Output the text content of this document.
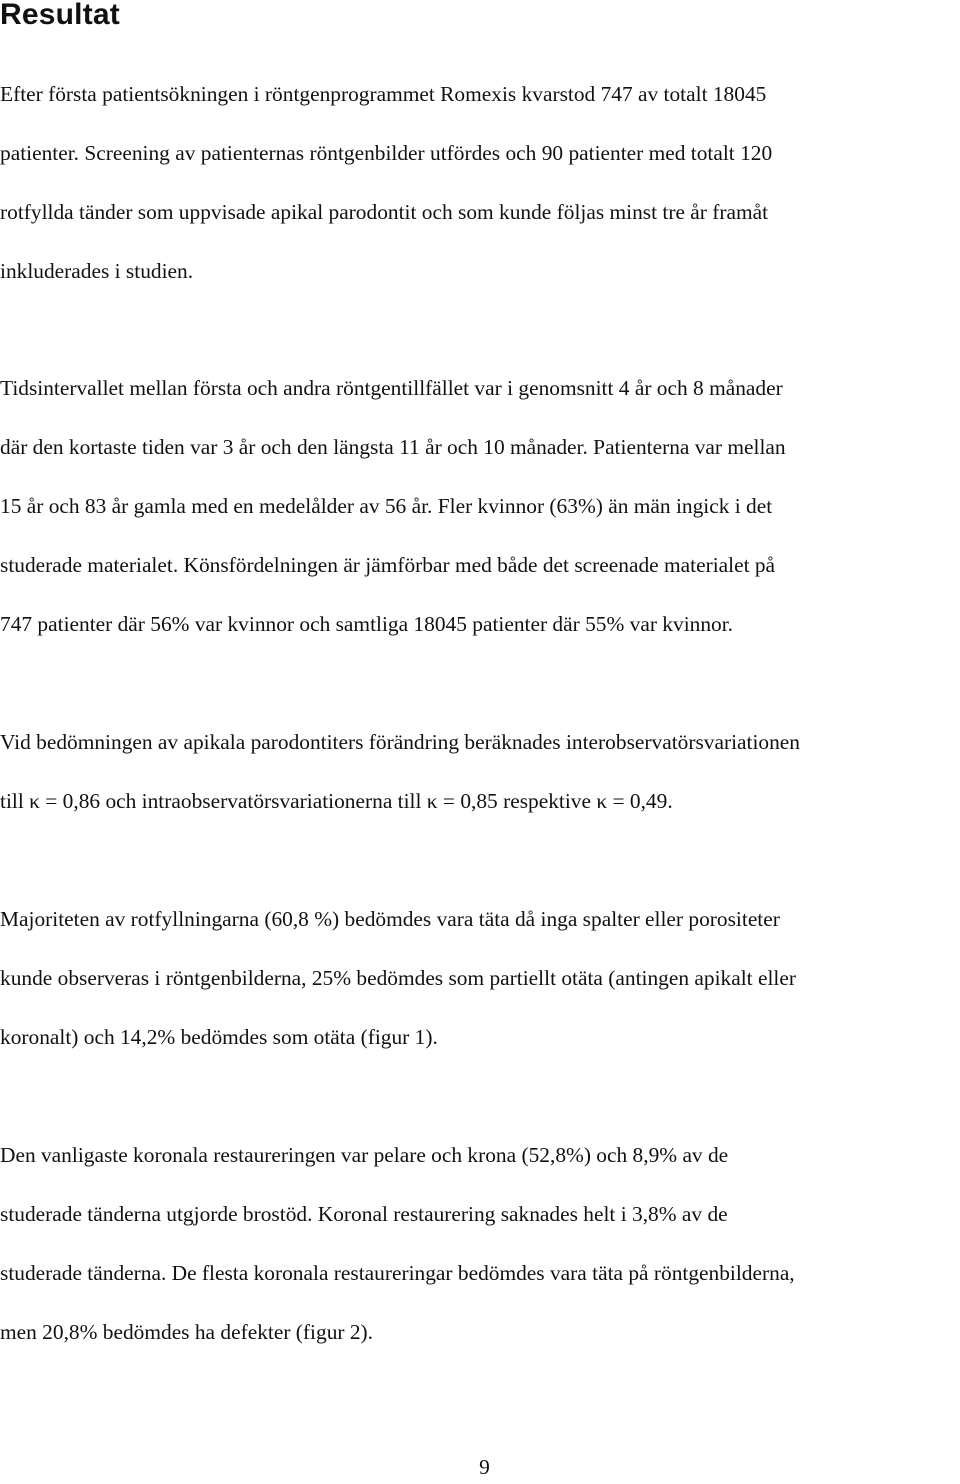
Resultat

Efter första patientsökningen i röntgenprogrammet Romexis kvarstod 747 av totalt 18045
patienter. Screening av patienternas röntgenbilder utfördes och 90 patienter med totalt 120
rotfyllda tänder som uppvisade apikal parodontit och som kunde följas minst tre år framåt
inkluderades i studien.

Tidsintervallet mellan första och andra röntgentillfället var i genomsnitt 4 år och 8 månader
där den kortaste tiden var 3 år och den längsta 11 år och 10 månader. Patienterna var mellan
15 år och 83 år gamla med en medelålder av 56 år. Fler kvinnor (63%) än män ingick i det
studerade materialet. Könsfördelningen är jämförbar med både det screenade materialet på
747 patienter där 56% var kvinnor och samtliga 18045 patienter där 55% var kvinnor.

Vid bedömningen av apikala parodontiters förändring beräknades interobservatörsvariationen
till κ = 0,86 och intraobservatörsvariationerna till κ = 0,85 respektive κ = 0,49.

Majoriteten av rotfyllningarna (60,8 %) bedömdes vara täta då inga spalter eller porositeter
kunde observeras i röntgenbilderna, 25% bedömdes som partiellt otäta (antingen apikalt eller
koronalt) och 14,2% bedömdes som otäta (figur 1).

Den vanligaste koronala restaureringen var pelare och krona (52,8%) och 8,9% av de
studerade tänderna utgjorde brostöd. Koronal restaurering saknades helt i 3,8% av de
studerade tänderna. De flesta koronala restaureringar bedömdes vara täta på röntgenbilderna,
men 20,8% bedömdes ha defekter (figur 2).

9
